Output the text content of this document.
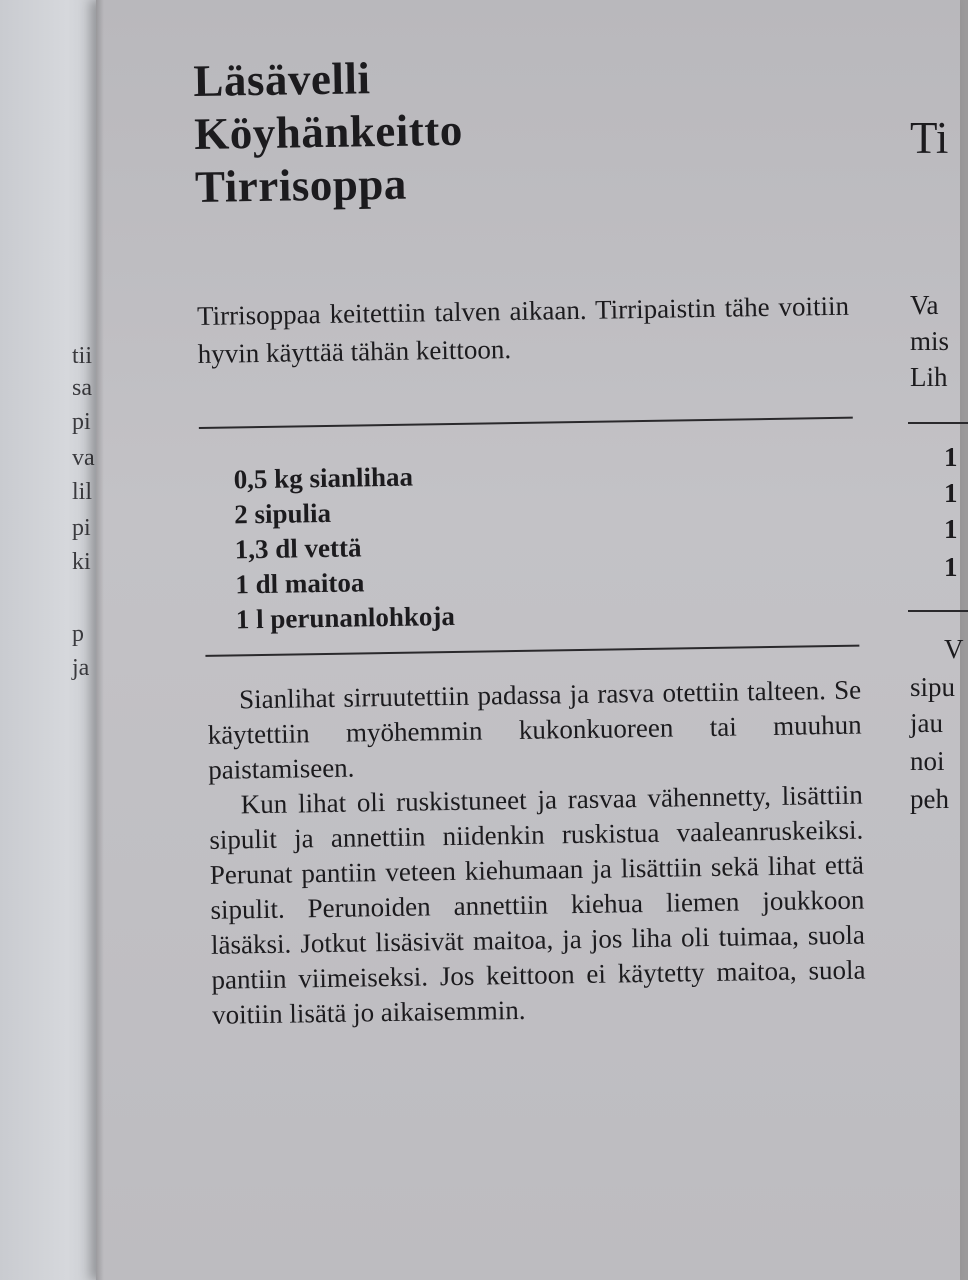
tii
sa
pi
va
lil
pi
ki
p
ja
Läsävelli
Köyhänkeitto
Tirrisoppa

Tirrisoppaa keitettiin talven aikaan. Tirripaistin tähe voitiin hyvin käyttää tähän keittoon.

0,5 kg sianlihaa
2 sipulia
1,3 dl vettä
1 dl maitoa
1 l perunanlohkoja

Sianlihat sirruutettiin padassa ja rasva otettiin talteen. Se käytettiin myöhemmin kukonkuoreen tai muuhun paistamiseen.

Kun lihat oli ruskistuneet ja rasvaa vähennetty, lisättiin sipulit ja annettiin niidenkin ruskistua vaaleanruskeiksi. Perunat pantiin veteen kiehumaan ja lisättiin sekä lihat että sipulit. Perunoiden annettiin kiehua liemen joukkoon läsäksi. Jotkut lisäsivät maitoa, ja jos liha oli tuimaa, suola pantiin viimeiseksi. Jos keittoon ei käytetty maitoa, suola voitiin lisätä jo aikaisemmin.

Ti
Va
mis
Lih
1
1
1
1
V
sipu
jau
noi
peh
